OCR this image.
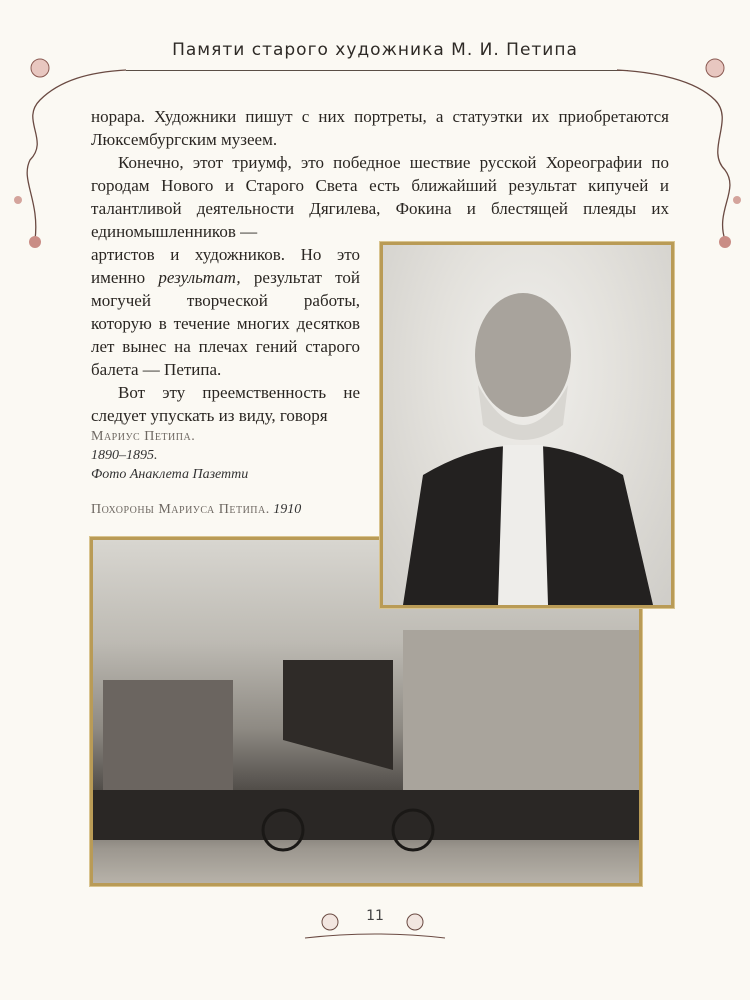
Памяти старого художника М. И. Петипа

норара. Художники пишут с них портреты, а статуэтки их приобретаются Люксембургским музеем.

Конечно, этот триумф, это победное шествие русской Хореографии по городам Нового и Старого Света есть ближайший результат кипучей и талантливой деятельности Дягилева, Фокина и блестящей плеяды их единомышленников —

артистов и художников. Но это именно результат, результат той могучей творческой работы, которую в течение многих десятков лет вынес на плечах гений старого балета — Петипа.

Вот эту преемственность не следует упускать из виду, говоря

Мариус Петипа.
1890–1895.
Фото Анаклета Пазетти
Похороны Мариуса Петипа. 1910
11
